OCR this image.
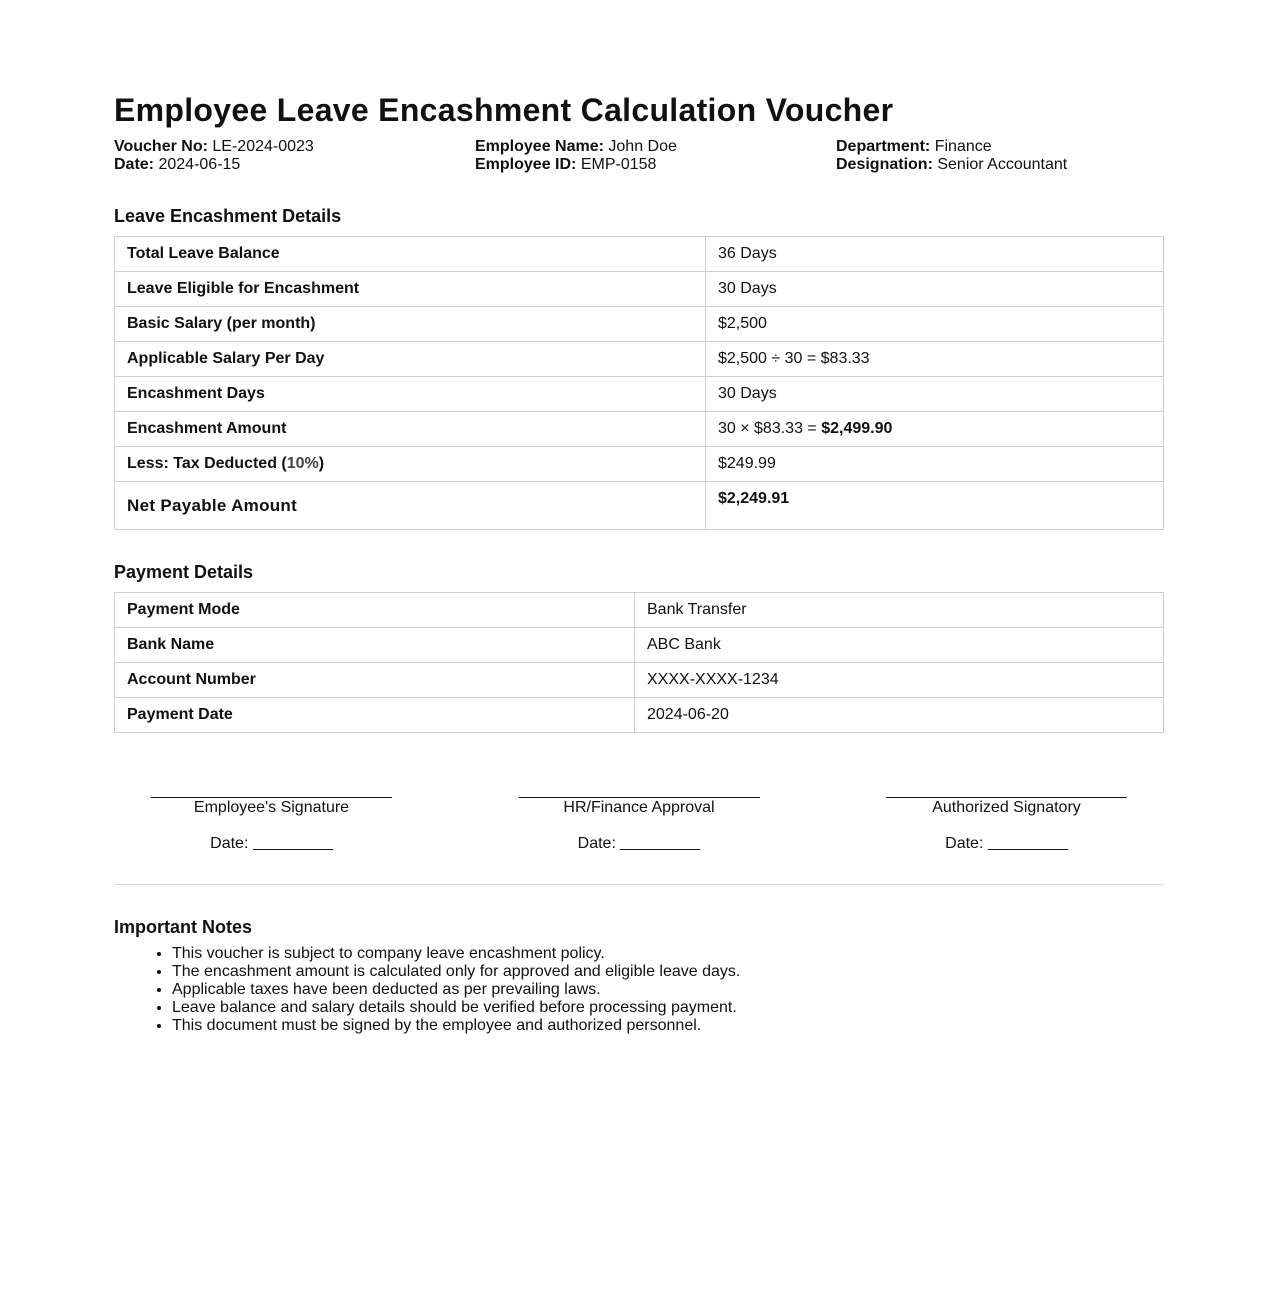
Employee Leave Encashment Calculation Voucher
Voucher No: LE-2024-0023
Date: 2024-06-15
Employee Name: John Doe
Employee ID: EMP-0158
Department: Finance
Designation: Senior Accountant
Leave Encashment Details
Total Leave Balance	36 Days
Leave Eligible for Encashment	30 Days
Basic Salary (per month)	$2,500
Applicable Salary Per Day	$2,500 ÷ 30 = $83.33
Encashment Days	30 Days
Encashment Amount	30 × $83.33 = $2,499.90
Less: Tax Deducted (10%)	$249.99
Net Payable Amount	$2,249.91
Payment Details
Payment Mode	Bank Transfer
Bank Name	ABC Bank
Account Number	XXXX-XXXX-1234
Payment Date	2024-06-20
Employee's Signature
Date:
HR/Finance Approval
Date:
Authorized Signatory
Date:
Important Notes
• This voucher is subject to company leave encashment policy.
• The encashment amount is calculated only for approved and eligible leave days.
• Applicable taxes have been deducted as per prevailing laws.
• Leave balance and salary details should be verified before processing payment.
• This document must be signed by the employee and authorized personnel.
